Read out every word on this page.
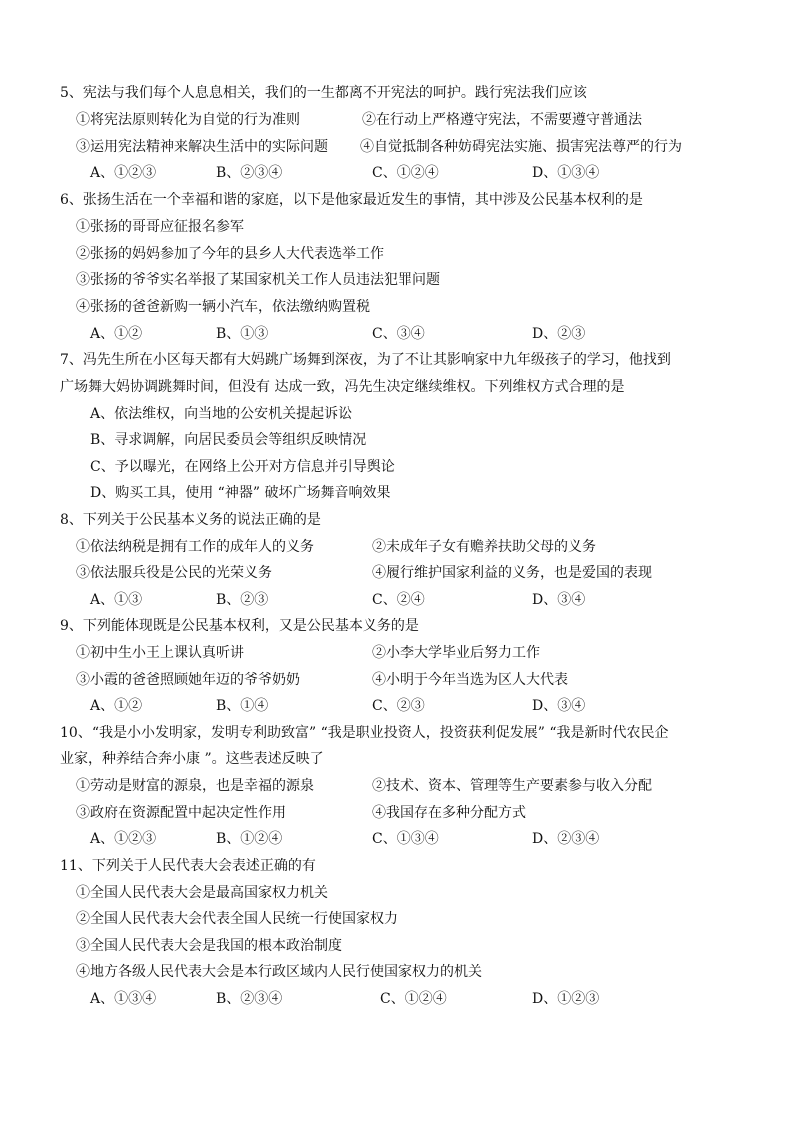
5、宪法与我们每个人息息相关，我们的一生都离不开宪法的呵护。践行宪法我们应该
①将宪法原则转化为自觉的行为准则	②在行动上严格遵守宪法，不需要遵守普通法
③运用宪法精神来解决生活中的实际问题 ④自觉抵制各种妨碍宪法实施、损害宪法尊严的行为
A、①②③	B、②③④	C、①②④	D、①③④
6、张扬生活在一个幸福和谐的家庭，以下是他家最近发生的事情，其中涉及公民基本权利的是
①张扬的哥哥应征报名参军
②张扬的妈妈参加了今年的县乡人大代表选举工作
③张扬的爷爷实名举报了某国家机关工作人员违法犯罪问题
④张扬的爸爸新购一辆小汽车，依法缴纳购置税
A、①②	B、①③	C、③④	D、②③
7、冯先生所在小区每天都有大妈跳广场舞到深夜，为了不让其影响家中九年级孩子的学习，他找到
广场舞大妈协调跳舞时间，但没有 达成一致，冯先生决定继续维权。下列维权方式合理的是
A、依法维权，向当地的公安机关提起诉讼
B、寻求调解，向居民委员会等组织反映情况
C、予以曝光，在网络上公开对方信息并引导舆论
D、购买工具，使用 “神器” 破坏广场舞音响效果
8、下列关于公民基本义务的说法正确的是
①依法纳税是拥有工作的成年人的义务	②未成年子女有赡养扶助父母的义务
③依法服兵役是公民的光荣义务	④履行维护国家利益的义务，也是爱国的表现
A、①③	B、②③	C、②④	D、③④
9、下列能体现既是公民基本权利，又是公民基本义务的是
①初中生小王上课认真听讲	②小李大学毕业后努力工作
③小霞的爸爸照顾她年迈的爷爷奶奶	④小明于今年当选为区人大代表
A、①②	B、①④	C、②③	D、③④
10、“我是小小发明家，发明专利助致富” “我是职业投资人，投资获利促发展” “我是新时代农民企
业家，种养结合奔小康 ”。这些表述反映了
①劳动是财富的源泉，也是幸福的源泉	②技术、资本、管理等生产要素参与收入分配
③政府在资源配置中起决定性作用	④我国存在多种分配方式
A、①②③	B、①②④	C、①③④	D、②③④
11、下列关于人民代表大会表述正确的有
①全国人民代表大会是最高国家权力机关
②全国人民代表大会代表全国人民统一行使国家权力
③全国人民代表大会是我国的根本政治制度
④地方各级人民代表大会是本行政区域内人民行使国家权力的机关
A、①③④	B、②③④	C、①②④	D、①②③
